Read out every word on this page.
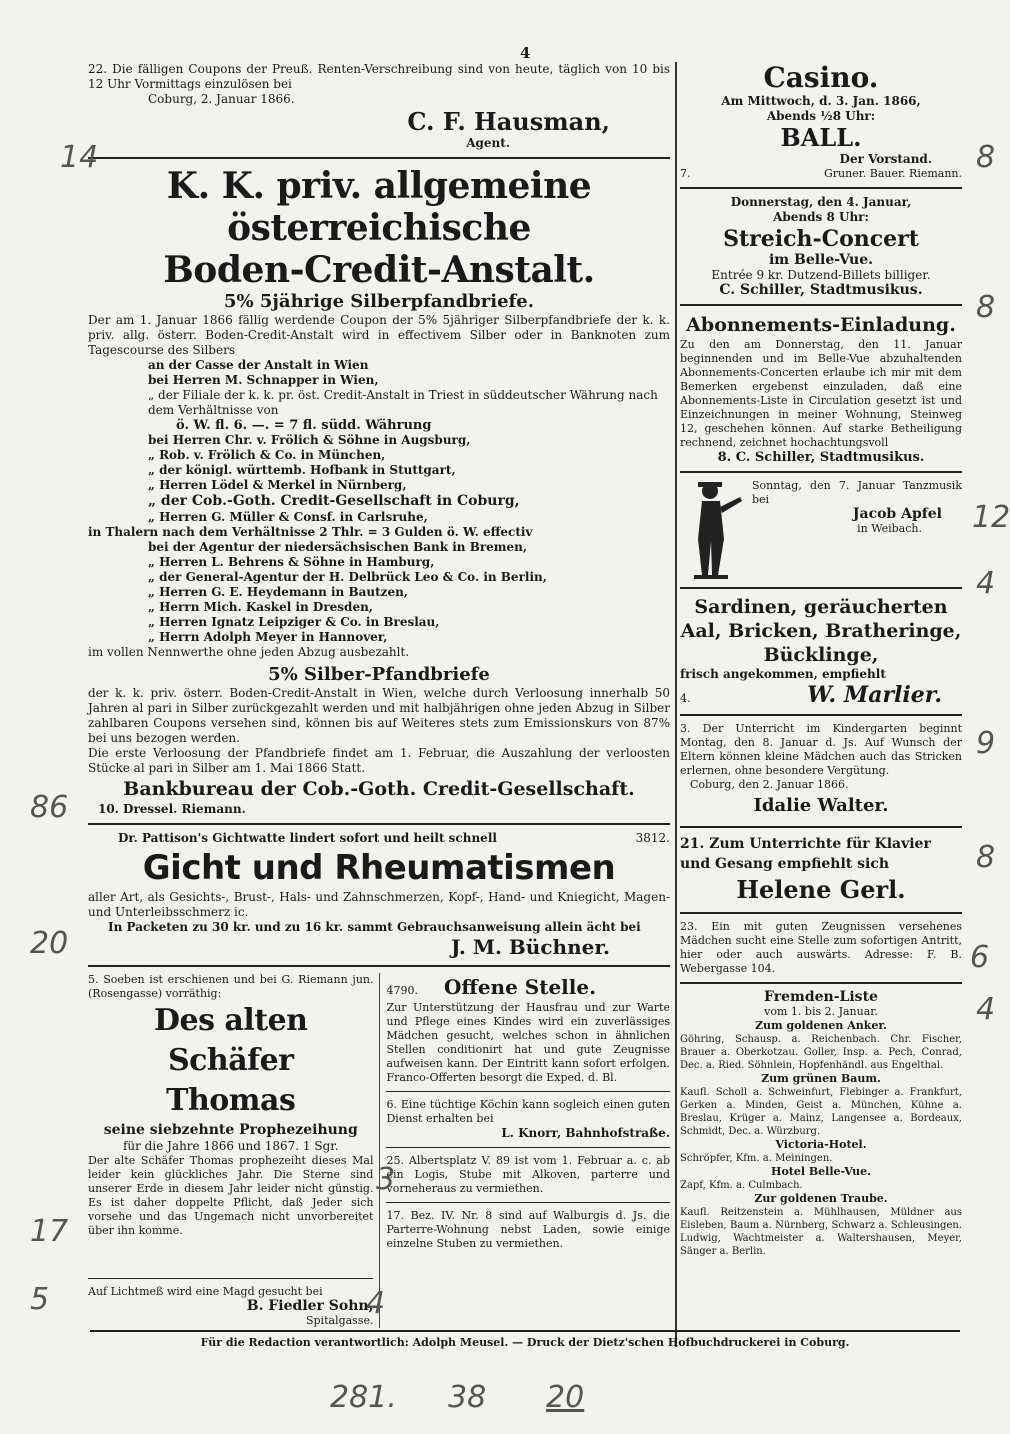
4

22. Die fälligen Coupons der Preuß. Renten-Verschreibung sind von heute, täglich von 10 bis 12 Uhr Vormittags einzulösen bei

Coburg, 2. Januar 1866.

C. F. Hausman,

Agent.

K. K. priv. allgemeine österreichische

Boden-Credit-Anstalt.

5% 5jährige Silberpfandbriefe.

Der am 1. Januar 1866 fällig werdende Coupon der 5% 5jähriger Silberpfandbriefe der k. k. priv. allg. österr. Boden-Credit-Anstalt wird in effectivem Silber oder in Banknoten zum Tagescourse des Silbers

an der Casse der Anstalt in Wien

bei Herren M. Schnapper in Wien,

„ der Filiale der k. k. pr. öst. Credit-Anstalt in Triest in süddeutscher Währung nach dem Verhältnisse von

ö. W. fl. 6. —. = 7 fl. südd. Währung

bei Herren Chr. v. Frölich & Söhne in Augsburg,

„ Rob. v. Frölich & Co. in München,

„ der königl. württemb. Hofbank in Stuttgart,

„ Herren Lödel & Merkel in Nürnberg,

„ der Cob.-Goth. Credit-Gesellschaft in Coburg,

„ Herren G. Müller & Consf. in Carlsruhe,

in Thalern nach dem Verhältnisse 2 Thlr. = 3 Gulden ö. W. effectiv

bei der Agentur der niedersächsischen Bank in Bremen,

„ Herren L. Behrens & Söhne in Hamburg,

„ der General-Agentur der H. Delbrück Leo & Co. in Berlin,

„ Herren G. E. Heydemann in Bautzen,

„ Herrn Mich. Kaskel in Dresden,

„ Herren Ignatz Leipziger & Co. in Breslau,

„ Herrn Adolph Meyer in Hannover,

im vollen Nennwerthe ohne jeden Abzug ausbezahlt.

5% Silber-Pfandbriefe

der k. k. priv. österr. Boden-Credit-Anstalt in Wien, welche durch Verloosung innerhalb 50 Jahren al pari in Silber zurückgezahlt werden und mit halbjährigen ohne jeden Abzug in Silber zahlbaren Coupons versehen sind, können bis auf Weiteres stets zum Emissionskurs von 87% bei uns bezogen werden.

Die erste Verloosung der Pfandbriefe findet am 1. Februar, die Auszahlung der verloosten Stücke al pari in Silber am 1. Mai 1866 Statt.

Bankbureau der Cob.-Goth. Credit-Gesellschaft.

10. Dressel. Riemann.

Dr. Pattison's Gichtwatte lindert sofort und heilt schnell	3812.

Gicht und Rheumatismen

aller Art, als Gesichts-, Brust-, Hals- und Zahnschmerzen, Kopf-, Hand- und Kniegicht, Magen- und Unterleibsschmerz ic.

In Packeten zu 30 kr. und zu 16 kr. sammt Gebrauchsanweisung allein ächt bei

J. M. Büchner.

5. Soeben ist erschienen und bei G. Riemann jun. (Rosengasse) vorräthig:

Des alten Schäfer

Thomas

seine siebzehnte Prophezeihung

für die Jahre 1866 und 1867. 1 Sgr.

Der alte Schäfer Thomas prophezeiht dieses Mal leider kein glückliches Jahr. Die Sterne sind unserer Erde in diesem Jahr leider nicht günstig. Es ist daher doppelte Pflicht, daß Jeder sich vorsehe und das Ungemach nicht unvorbereitet über ihn komme.

Auf Lichtmeß wird eine Magd gesucht bei

B. Fiedler Sohn,

Spitalgasse.

4790.	Offene Stelle.

Zur Unterstützung der Hausfrau und zur Warte und Pflege eines Kindes wird ein zuverlässiges Mädchen gesucht, welches schon in ähnlichen Stellen conditionirt hat und gute Zeugnisse aufweisen kann. Der Eintritt kann sofort erfolgen. Franco-Offerten besorgt die Exped. d. Bl.

6. Eine tüchtige Köchin kann sogleich einen guten Dienst erhalten bei

L. Knorr, Bahnhofstraße.

25. Albertsplatz V. 89 ist vom 1. Februar a. c. ab ein Logis, Stube mit Alkoven, parterre und vorneheraus zu vermiethen.

17. Bez. IV. Nr. 8 sind auf Walburgis d. Js. die Parterre-Wohnung nebst Laden, sowie einige einzelne Stuben zu vermiethen.

Casino.

Am Mittwoch, d. 3. Jan. 1866,

Abends ½8 Uhr:

BALL.

Der Vorstand.

7.	Gruner. Bauer. Riemann.

Donnerstag, den 4. Januar,

Abends 8 Uhr:

Streich-Concert

im Belle-Vue.

Entrée 9 kr. Dutzend-Billets billiger.

C. Schiller, Stadtmusikus.

Abonnements-Einladung.

Zu den am Donnerstag, den 11. Januar beginnenden und im Belle-Vue abzuhaltenden Abonnements-Concerten erlaube ich mir mit dem Bemerken ergebenst einzuladen, daß eine Abonnements-Liste in Circulation gesetzt ist und Einzeichnungen in meiner Wohnung, Steinweg 12, geschehen können. Auf starke Betheiligung rechnend, zeichnet hochachtungsvoll

8. C. Schiller, Stadtmusikus.

Sonntag, den 7. Januar Tanzmusik bei

Jacob Apfel

in Weibach.

Sardinen, geräucherten

Aal, Bricken, Bratheringe,

Bücklinge,

frisch angekommen, empfiehlt

4.	W. Marlier.

3. Der Unterricht im Kindergarten beginnt Montag, den 8. Januar d. Js. Auf Wunsch der Eltern können kleine Mädchen auch das Stricken erlernen, ohne besondere Vergütung.

Coburg, den 2. Januar 1866.

Idalie Walter.

21. Zum Unterrichte für Klavier

und Gesang empfiehlt sich

Helene Gerl.

23. Ein mit guten Zeugnissen versehenes Mädchen sucht eine Stelle zum sofortigen Antritt, hier oder auch auswärts. Adresse: F. B. Webergasse 104.

Fremden-Liste

vom 1. bis 2. Januar.

Zum goldenen Anker.

Göhring, Schausp. a. Reichenbach. Chr. Fischer, Brauer a. Oberkotzau. Goller, Insp. a. Pech, Conrad, Dec. a. Ried. Söhnlein, Hopfenhändl. aus Engelthal.

Zum grünen Baum.

Kaufl. Scholl a. Schweinfurt, Flebinger a. Frankfurt, Gerken a. Minden, Geist a. München, Kühne a. Breslau, Krüger a. Mainz, Langensee a. Bordeaux, Schmidt, Dec. a. Würzburg.

Victoria-Hotel.

Schröpfer, Kfm. a. Meiningen.

Hotel Belle-Vue.

Zapf, Kfm. a. Culmbach.

Zur goldenen Traube.

Kaufl. Reitzenstein a. Mühlhausen, Müldner aus Eisleben, Baum a. Nürnberg, Schwarz a. Schleusingen. Ludwig, Wachtmeister a. Waltershausen, Meyer, Sänger a. Berlin.

Für die Redaction verantwortlich: Adolph Meusel. — Druck der Dietz'schen Hofbuchdruckerei in Coburg.

14
86
20
17
5
8
8
12
4
9
8
6
4
3
4
281. 38 20
